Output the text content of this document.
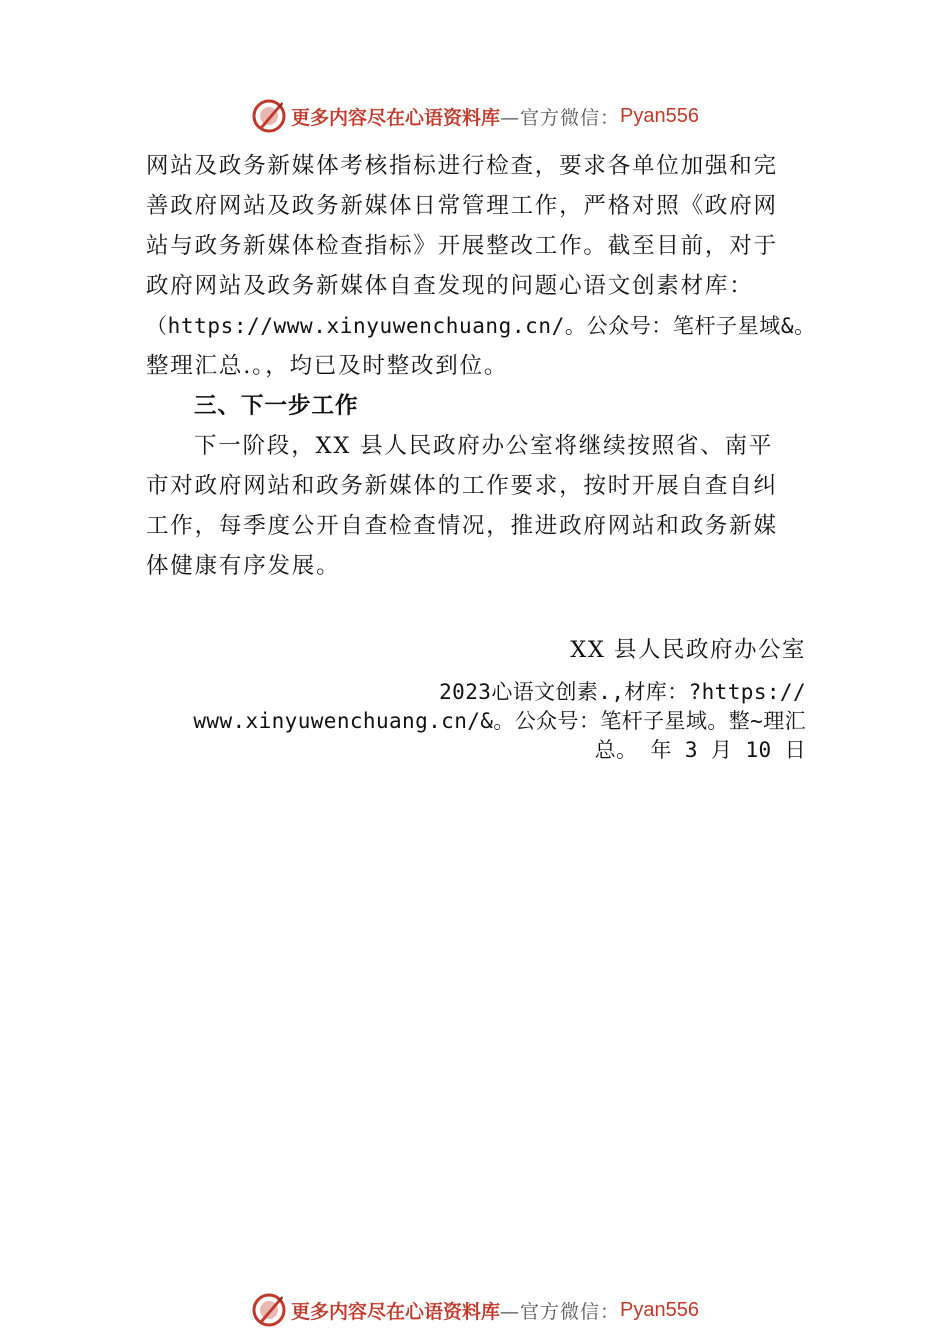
更多内容尽在心语资料库 —官方微信： Pyan556
网站及政务新媒体考核指标进行检查，要求各单位加强和完
善政府网站及政务新媒体日常管理工作，严格对照《政府网
站与政务新媒体检查指标》开展整改工作。截至目前，对于
政府网站及政务新媒体自查发现的问题心语文创素材库：
（https://www.xinyuwenchuang.cn/。公众号：笔杆子星域&。
整理汇总.。，均已及时整改到位。
三、下一步工作
下一阶段，XX 县人民政府办公室将继续按照省、南平
市对政府网站和政务新媒体的工作要求，按时开展自查自纠
工作，每季度公开自查检查情况，推进政府网站和政务新媒
体健康有序发展。
XX 县人民政府办公室
2023心语文创素.,材库：?https://
www.xinyuwenchuang.cn/&。公众号：笔杆子星域。整~理汇
总。 年 3 月 10 日
更多内容尽在心语资料库 —官方微信： Pyan556
